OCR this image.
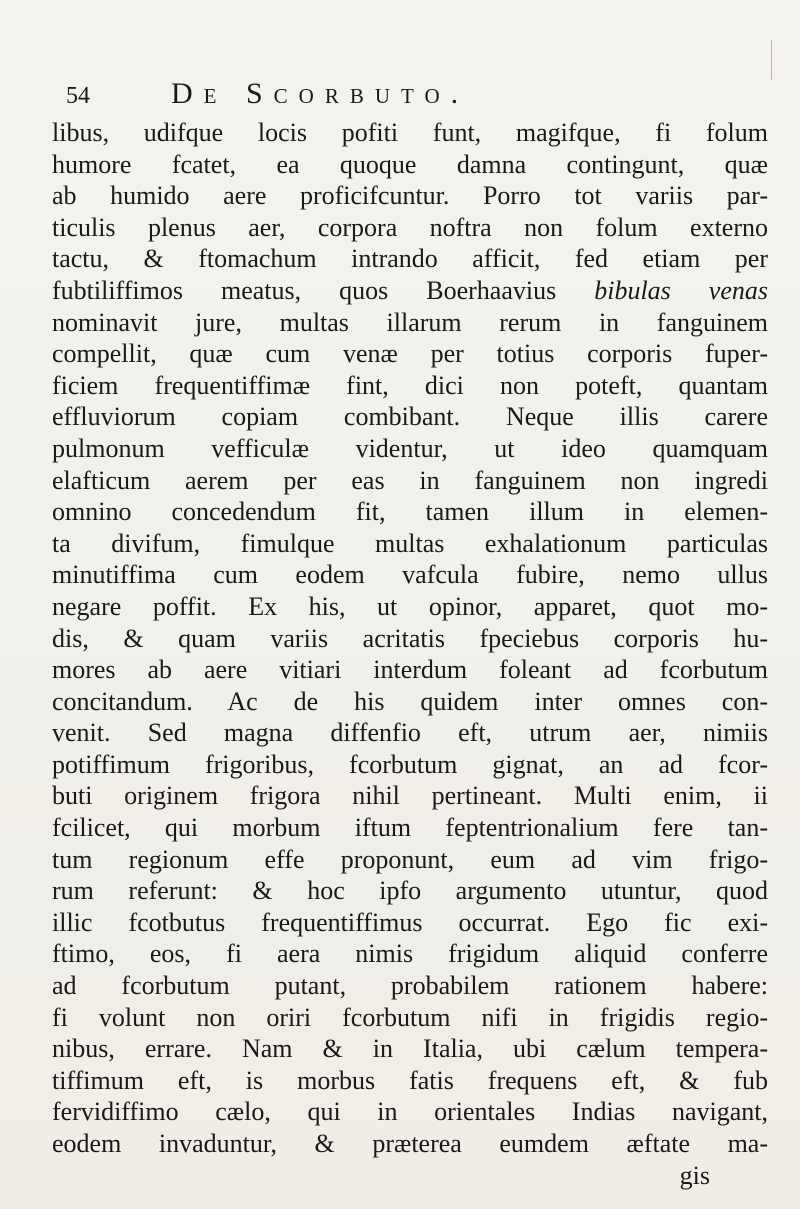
54	De Scorbuto.
libus, udifque locis pofiti funt, magifque, fi folum
humore fcatet, ea quoque damna contingunt, quæ
ab humido aere proficifcuntur. Porro tot variis par-
ticulis plenus aer, corpora noftra non folum externo
tactu, & ftomachum intrando afficit, fed etiam per
fubtiliffimos meatus, quos Boerhaavius bibulas venas
nominavit jure, multas illarum rerum in fanguinem
compellit, quæ cum venæ per totius corporis fuper-
ficiem frequentiffimæ fint, dici non poteft, quantam
effluviorum copiam combibant. Neque illis carere
pulmonum vefficulæ videntur, ut ideo quamquam
elafticum aerem per eas in fanguinem non ingredi
omnino concedendum fit, tamen illum in elemen-
ta divifum, fimulque multas exhalationum particulas
minutiffima cum eodem vafcula fubire, nemo ullus
negare poffit. Ex his, ut opinor, apparet, quot mo-
dis, & quam variis acritatis fpeciebus corporis hu-
mores ab aere vitiari interdum foleant ad fcorbutum
concitandum. Ac de his quidem inter omnes con-
venit. Sed magna diffenfio eft, utrum aer, nimiis
potiffimum frigoribus, fcorbutum gignat, an ad fcor-
buti originem frigora nihil pertineant. Multi enim, ii
fcilicet, qui morbum iftum feptentrionalium fere tan-
tum regionum effe proponunt, eum ad vim frigo-
rum referunt: & hoc ipfo argumento utuntur, quod
illic fcotbutus frequentiffimus occurrat. Ego fic exi-
ftimo, eos, fi aera nimis frigidum aliquid conferre
ad fcorbutum putant, probabilem rationem habere:
fi volunt non oriri fcorbutum nifi in frigidis regio-
nibus, errare. Nam & in Italia, ubi cælum tempera-
tiffimum eft, is morbus fatis frequens eft, & fub
fervidiffimo cælo, qui in orientales Indias navigant,
eodem invaduntur, & præterea eumdem æftate ma-
gis
